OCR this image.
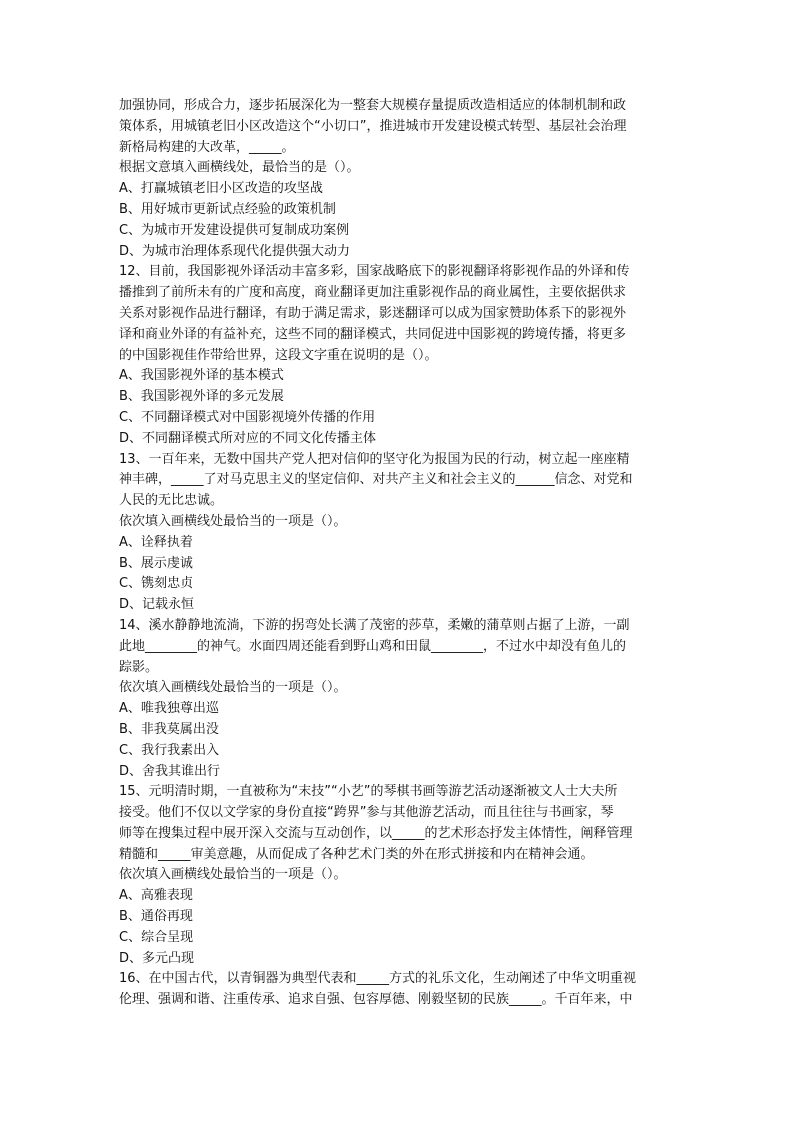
加强协同，形成合力，逐步拓展深化为一整套大规模存量提质改造相适应的体制机制和政
策体系，用城镇老旧小区改造这个“小切口”，推进城市开发建设模式转型、基层社会治理
新格局构建的大改革，_____。
根据文意填入画横线处，最恰当的是（）。
A、打赢城镇老旧小区改造的攻坚战
B、用好城市更新试点经验的政策机制
C、为城市开发建设提供可复制成功案例
D、为城市治理体系现代化提供强大动力
12、目前，我国影视外译活动丰富多彩，国家战略底下的影视翻译将影视作品的外译和传
播推到了前所未有的广度和高度，商业翻译更加注重影视作品的商业属性，主要依据供求
关系对影视作品进行翻译，有助于满足需求，影迷翻译可以成为国家赞助体系下的影视外
译和商业外译的有益补充，这些不同的翻译模式，共同促进中国影视的跨境传播，将更多
的中国影视佳作带给世界，这段文字重在说明的是（）。
A、我国影视外译的基本模式
B、我国影视外译的多元发展
C、不同翻译模式对中国影视境外传播的作用
D、不同翻译模式所对应的不同文化传播主体
13、一百年来，无数中国共产党人把对信仰的坚守化为报国为民的行动，树立起一座座精
神丰碑，_____了对马克思主义的坚定信仰、对共产主义和社会主义的______信念、对党和
人民的无比忠诚。
依次填入画横线处最恰当的一项是（）。
A、诠释执着
B、展示虔诚
C、镌刻忠贞
D、记载永恒
14、溪水静静地流淌，下游的拐弯处长满了茂密的莎草，柔嫩的蒲草则占据了上游，一副
此地________的神气。水面四周还能看到野山鸡和田鼠________，不过水中却没有鱼儿的
踪影。
依次填入画横线处最恰当的一项是（）。
A、唯我独尊出巡
B、非我莫属出没
C、我行我素出入
D、舍我其谁出行
15、元明清时期，一直被称为“末技”“小艺”的琴棋书画等游艺活动逐渐被文人士大夫所
接受。他们不仅以文学家的身份直接“跨界”参与其他游艺活动，而且往往与书画家，琴
师等在搜集过程中展开深入交流与互动创作，以_____的艺术形态抒发主体情性，阐释管理
精髓和_____审美意趣，从而促成了各种艺术门类的外在形式拼接和内在精神会通。
依次填入画横线处最恰当的一项是（）。
A、高雅表现
B、通俗再现
C、综合呈现
D、多元凸现
16、在中国古代，以青铜器为典型代表和_____方式的礼乐文化，生动阐述了中华文明重视
伦理、强调和谐、注重传承、追求自强、包容厚德、刚毅坚韧的民族_____。千百年来，中
